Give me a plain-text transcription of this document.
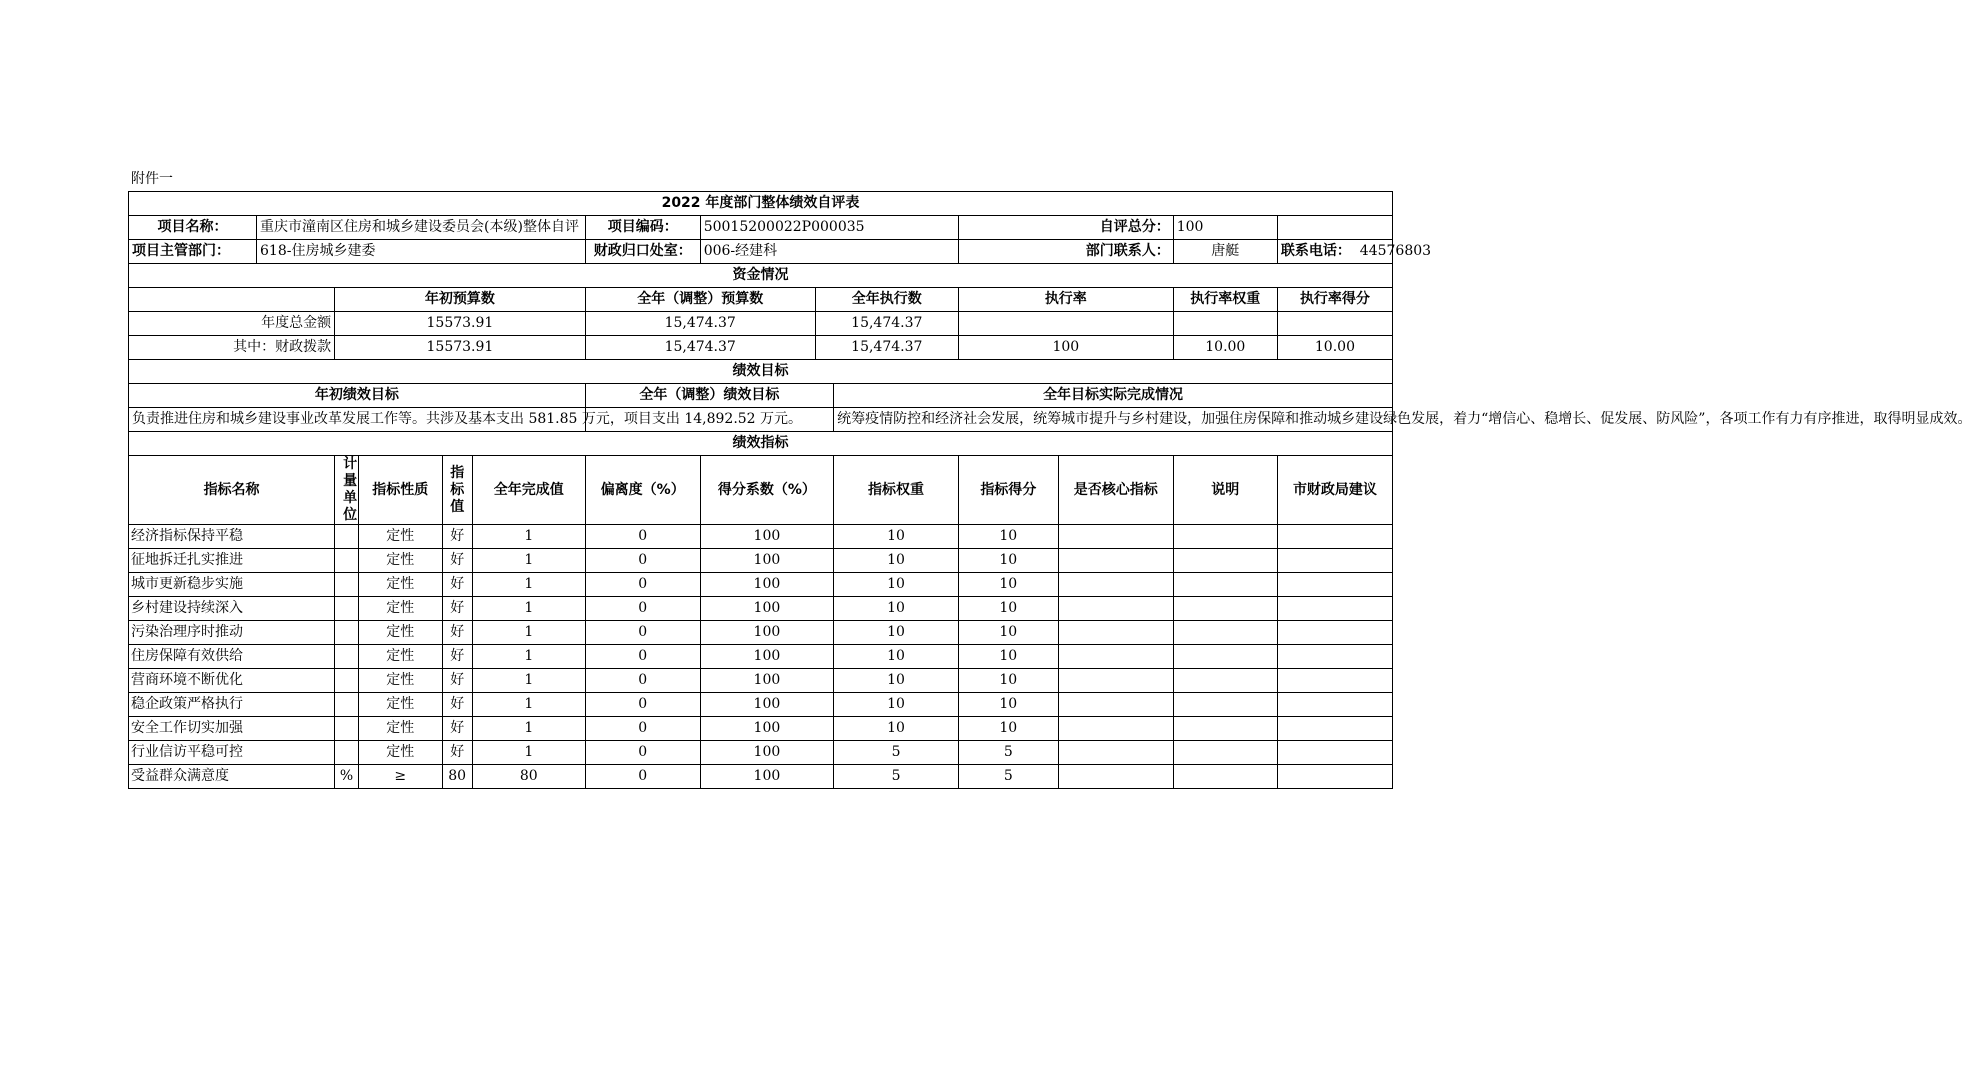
附件一
2022 年度部门整体绩效自评表													
项目名称：	重庆市潼南区住房和城乡建设委员会(本级)整体自评					项目编码：	50015200022P000035			自评总分：		100	
项目主管部门：	618-住房城乡建委					财政归口处室：	006-经建科			部门联系人：		唐艇	联系电话： 44576803
资金情况													
		年初预算数				全年（调整）预算数		全年执行数		执行率		执行率权重	执行率得分
年度总金额		15573.91				15,474.37		15,474.37					
其中：财政拨款		15573.91				15,474.37		15,474.37		100		10.00	10.00
绩效目标													
年初绩效目标						全年（调整）绩效目标			全年目标实际完成情况				
负责推进住房和城乡建设事业改革发展工作等。共涉及基本支出 581.85 万元，项目支出 14,892.52 万元。									统筹疫情防控和经济社会发展，统筹城市提升与乡村建设，加强住房保障和推动城乡建设绿色发展，着力“增信心、稳增长、促发展、防风险”，各项工作有力有序推进，取得明显成效。				
绩效指标													
指标名称		计量单位	指标性质	指标值	全年完成值	偏离度（%）	得分系数（%）		指标权重	指标得分	是否核心指标	说明	市财政局建议
经济指标保持平稳			定性	好	1	0	100		10	10			
征地拆迁扎实推进			定性	好	1	0	100		10	10			
城市更新稳步实施			定性	好	1	0	100		10	10			
乡村建设持续深入			定性	好	1	0	100		10	10			
污染治理序时推动			定性	好	1	0	100		10	10			
住房保障有效供给			定性	好	1	0	100		10	10			
营商环境不断优化			定性	好	1	0	100		10	10			
稳企政策严格执行			定性	好	1	0	100		10	10			
安全工作切实加强			定性	好	1	0	100		10	10			
行业信访平稳可控			定性	好	1	0	100		5	5			
受益群众满意度		%	≥	80	80	0	100		5	5			
